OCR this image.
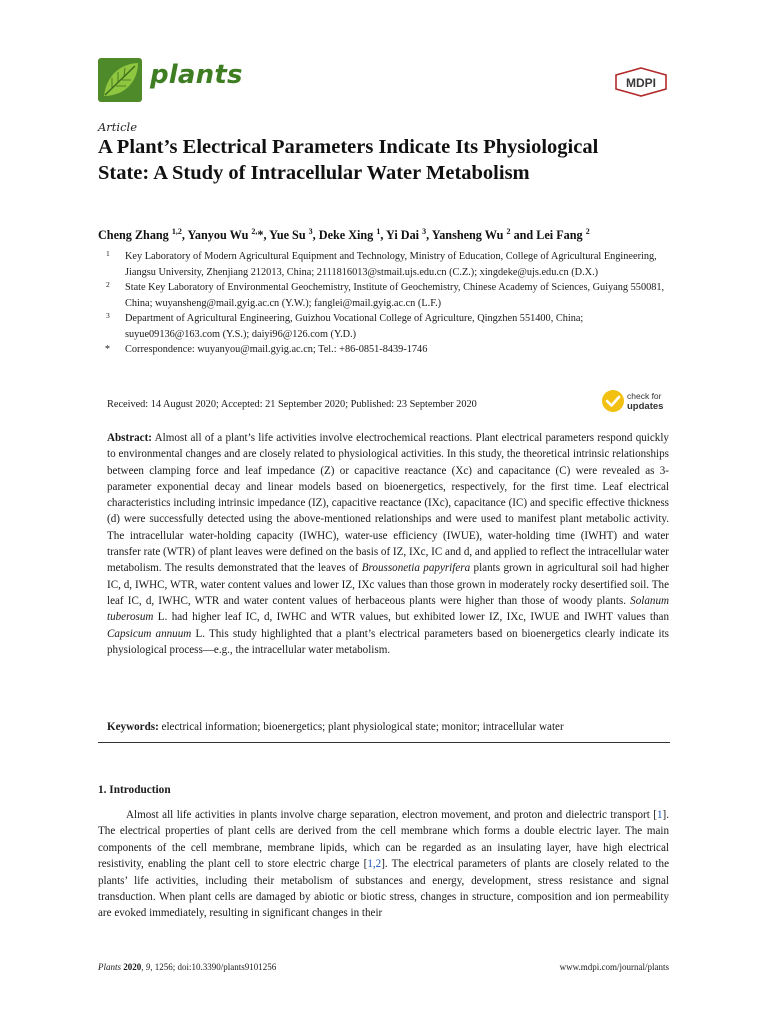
plants	MDPI
Article
A Plant’s Electrical Parameters Indicate Its Physiological State: A Study of Intracellular Water Metabolism
Cheng Zhang $^{1,2}$, Yanyou Wu $^{2,}$*, Yue Su $^3$, Deke Xing $^1$, Yi Dai $^3$, Yansheng Wu $^2$ and Lei Fang $^2$
1 Key Laboratory of Modern Agricultural Equipment and Technology, Ministry of Education, College of Agricultural Engineering, Jiangsu University, Zhenjiang 212013, China; 2111816013@stmail.ujs.edu.cn (C.Z.); xingdeke@ujs.edu.cn (D.X.)
2 State Key Laboratory of Environmental Geochemistry, Institute of Geochemistry, Chinese Academy of Sciences, Guiyang 550081, China; wuyansheng@mail.gyig.ac.cn (Y.W.); fanglei@mail.gyig.ac.cn (L.F.)
3 Department of Agricultural Engineering, Guizhou Vocational College of Agriculture, Qingzhen 551400, China; suyue09136@163.com (Y.S.); daiyi96@126.com (Y.D.)
* Correspondence: wuyanyou@mail.gyig.ac.cn; Tel.: +86-0851-8439-1746
Received: 14 August 2020; Accepted: 21 September 2020; Published: 23 September 2020
check for
updates
Abstract: Almost all of a plant’s life activities involve electrochemical reactions. Plant electrical parameters respond quickly to environmental changes and are closely related to physiological activities. In this study, the theoretical intrinsic relationships between clamping force and leaf impedance (Z) or capacitive reactance (Xc) and capacitance (C) were revealed as 3-parameter exponential decay and linear models based on bioenergetics, respectively, for the first time. Leaf electrical characteristics including intrinsic impedance (IZ), capacitive reactance (IXc), capacitance (IC) and specific effective thickness (d) were successfully detected using the above-mentioned relationships and were used to manifest plant metabolic activity. The intracellular water-holding capacity (IWHC), water-use efficiency (IWUE), water-holding time (IWHT) and water transfer rate (WTR) of plant leaves were defined on the basis of IZ, IXc, IC and d, and applied to reflect the intracellular water metabolism. The results demonstrated that the leaves of Broussonetia papyrifera plants grown in agricultural soil had higher IC, d, IWHC, WTR, water content values and lower IZ, IXc values than those grown in moderately rocky desertified soil. The leaf IC, d, IWHC, WTR and water content values of herbaceous plants were higher than those of woody plants. Solanum tuberosum L. had higher leaf IC, d, IWHC and WTR values, but exhibited lower IZ, IXc, IWUE and IWHT values than Capsicum annuum L. This study highlighted that a plant’s electrical parameters based on bioenergetics clearly indicate its physiological process—e.g., the intracellular water metabolism.
Keywords: electrical information; bioenergetics; plant physiological state; monitor; intracellular water
1. Introduction
Almost all life activities in plants involve charge separation, electron movement, and proton and dielectric transport [1]. The electrical properties of plant cells are derived from the cell membrane which forms a double electric layer. The main components of the cell membrane, membrane lipids, which can be regarded as an insulating layer, have high electrical resistivity, enabling the plant cell to store electric charge [1,2]. The electrical parameters of plants are closely related to the plants’ life activities, including their metabolism of substances and energy, development, stress resistance and signal transduction. When plant cells are damaged by abiotic or biotic stress, changes in structure, composition and ion permeability are evoked immediately, resulting in significant changes in their
Plants 2020, 9, 1256; doi:10.3390/plants9101256	www.mdpi.com/journal/plants
